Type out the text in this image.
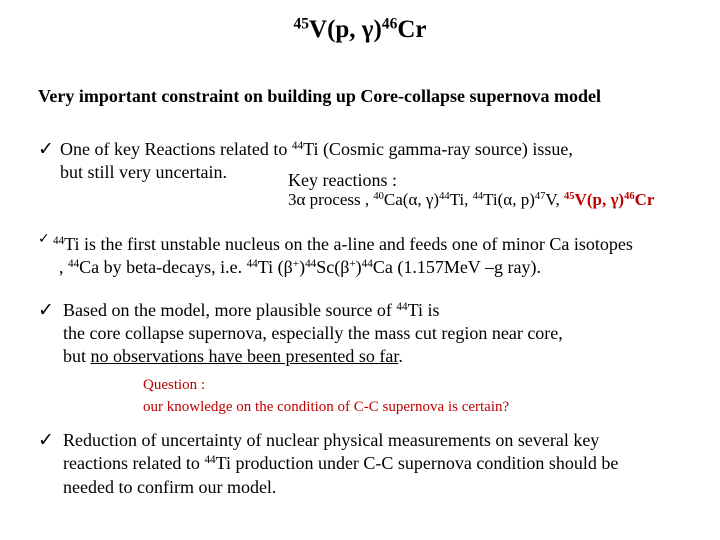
$^{45}$V(p, γ)$^{46}$Cr
Very important constraint on building up Core-collapse supernova model
✓ One of key Reactions related to $^{44}$Ti (Cosmic gamma-ray source) issue,
but still very uncertain.	Key reactions :
3α process , $^{40}$Ca(α, γ)$^{44}$Ti, $^{44}$Ti(α, p)$^{47}$V, $^{45}$V(p, γ)$^{46}$Cr
✓ $^{44}$Ti is the first unstable nucleus on the a-line and feeds one of minor Ca isotopes
, $^{44}$Ca by beta-decays, i.e. $^{44}$Ti $(\beta^+)^{44}Sc(\beta^+)^{44}Ca$ (1.157MeV –g ray).
✓ Based on the model, more plausible source of $^{44}$Ti is
the core collapse supernova, especially the mass cut region near core,
but no observations have been presented so far.
Question :
our knowledge on the condition of C-C supernova is certain?
✓ Reduction of uncertainty of nuclear physical measurements on several key
reactions related to $^{44}$Ti production under C-C supernova condition should be
needed to confirm our model.
